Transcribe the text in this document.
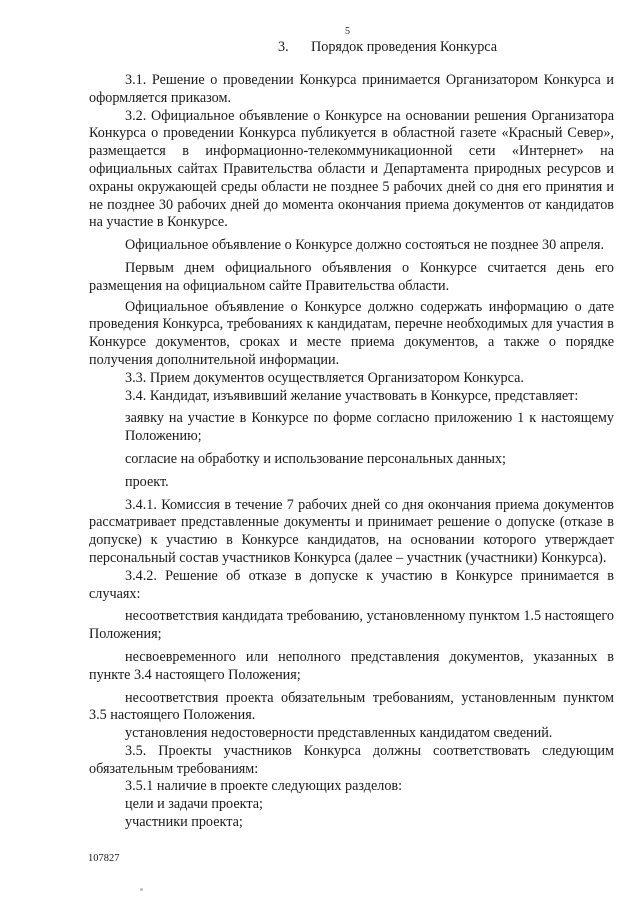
5
3. Порядок проведения Конкурса

3.1. Решение о проведении Конкурса принимается Организатором Конкурса и оформляется приказом.

3.2. Официальное объявление о Конкурсе на основании решения Организатора Конкурса о проведении Конкурса публикуется в областной газете «Красный Север», размещается в информационно-телекоммуникационной сети «Интернет» на официальных сайтах Правительства области и Департамента природных ресурсов и охраны окружающей среды области не позднее 5 рабочих дней со дня его принятия и не позднее 30 рабочих дней до момента окончания приема документов от кандидатов на участие в Конкурсе.

Официальное объявление о Конкурсе должно состояться не позднее 30 апреля.

Первым днем официального объявления о Конкурсе считается день его размещения на официальном сайте Правительства области.

Официальное объявление о Конкурсе должно содержать информацию о дате проведения Конкурса, требованиях к кандидатам, перечне необходимых для участия в Конкурсе документов, сроках и месте приема документов, а также о порядке получения дополнительной информации.

3.3. Прием документов осуществляется Организатором Конкурса.

3.4. Кандидат, изъявивший желание участвовать в Конкурсе, представляет:

заявку на участие в Конкурсе по форме согласно приложению 1 к настоящему Положению;

согласие на обработку и использование персональных данных;

проект.

3.4.1. Комиссия в течение 7 рабочих дней со дня окончания приема документов рассматривает представленные документы и принимает решение о допуске (отказе в допуске) к участию в Конкурсе кандидатов, на основании которого утверждает персональный состав участников Конкурса (далее – участник (участники) Конкурса).

3.4.2. Решение об отказе в допуске к участию в Конкурсе принимается в случаях:

несоответствия кандидата требованию, установленному пунктом 1.5 настоящего Положения;

несвоевременного или неполного представления документов, указанных в пункте 3.4 настоящего Положения;

несоответствия проекта обязательным требованиям, установленным пунктом 3.5 настоящего Положения.

установления недостоверности представленных кандидатом сведений.

3.5. Проекты участников Конкурса должны соответствовать следующим обязательным требованиям:

3.5.1 наличие в проекте следующих разделов:

цели и задачи проекта;

участники проекта;

107827
